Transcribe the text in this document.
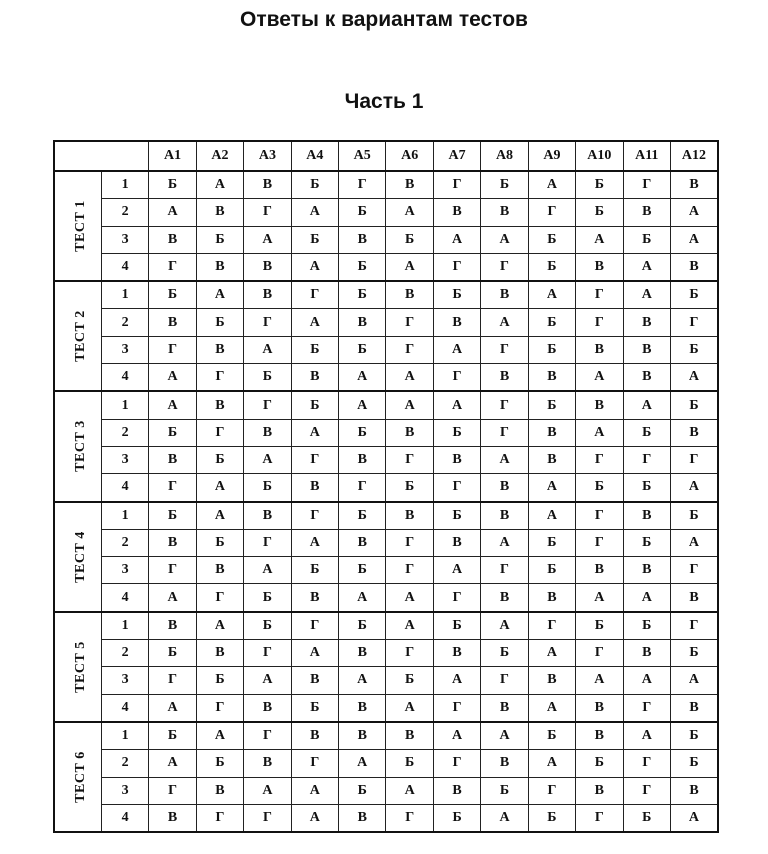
Ответы к вариантам тестов
Часть 1
		A1	A2	A3	A4	A5	A6	A7	A8	A9	A10	A11	A12
ТЕСТ 1	1	Б	А	В	Б	Г	В	Г	Б	А	Б	Г	В
	2	А	В	Г	А	Б	А	В	В	Г	Б	В	А
	3	В	Б	А	Б	В	Б	А	А	Б	А	Б	А
	4	Г	В	В	А	Б	А	Г	Г	Б	В	А	В
ТЕСТ 2	1	Б	А	В	Г	Б	В	Б	В	А	Г	А	Б
	2	В	Б	Г	А	В	Г	В	А	Б	Г	В	Г
	3	Г	В	А	Б	Б	Г	А	Г	Б	В	В	Б
	4	А	Г	Б	В	А	А	Г	В	В	А	В	А
ТЕСТ 3	1	А	В	Г	Б	А	А	А	Г	Б	В	А	Б
	2	Б	Г	В	А	Б	В	Б	Г	В	А	Б	В
	3	В	Б	А	Г	В	Г	В	А	В	Г	Г	Г
	4	Г	А	Б	В	Г	Б	Г	В	А	Б	Б	А
ТЕСТ 4	1	Б	А	В	Г	Б	В	Б	В	А	Г	В	Б
	2	В	Б	Г	А	В	Г	В	А	Б	Г	Б	А
	3	Г	В	А	Б	Б	Г	А	Г	Б	В	В	Г
	4	А	Г	Б	В	А	А	Г	В	В	А	А	В
ТЕСТ 5	1	В	А	Б	Г	Б	А	Б	А	Г	Б	Б	Г
	2	Б	В	Г	А	В	Г	В	Б	А	Г	В	Б
	3	Г	Б	А	В	А	Б	А	Г	В	А	А	А
	4	А	Г	В	Б	В	А	Г	В	А	В	Г	В
ТЕСТ 6	1	Б	А	Г	В	В	В	А	А	Б	В	А	Б
	2	А	Б	В	Г	А	Б	Г	В	А	Б	Г	Б
	3	Г	В	А	А	Б	А	В	Б	Г	В	Г	В
	4	В	Г	Г	А	В	Г	Б	А	Б	Г	Б	А
